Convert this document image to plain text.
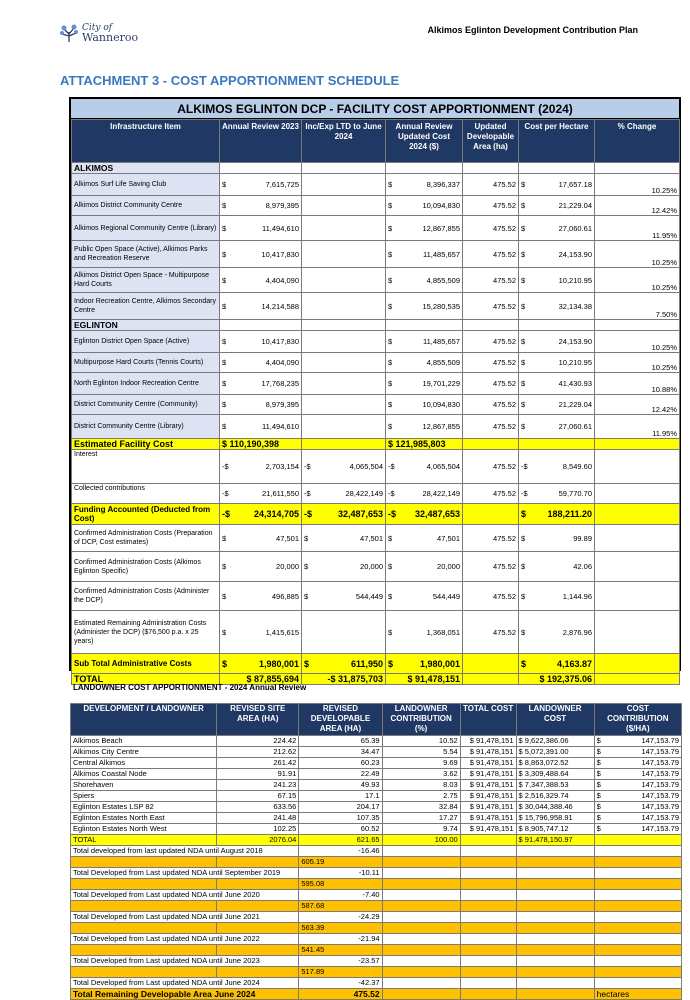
City of
Wanneroo
Alkimos Eglinton Development Contribution Plan
ATTACHMENT 3 - COST APPORTIONMENT SCHEDULE
ALKIMOS EGLINTON DCP - FACILITY COST APPORTIONMENT (2024)
Infrastructure Item	Annual Review 2023	Inc/Exp LTD to June 2024	Annual Review Updated Cost 2024 ($)	Updated Developable Area (ha)	Cost per Hectare	% Change
ALKIMOS						
Alkimos Surf Life Saving Club	$ 7,615,725		$ 8,396,337	475.52	$ 17,657.18	10.25%
Alkimos District Community Centre	$ 8,979,395		$ 10,094,830	475.52	$ 21,229.04	12.42%
Alkimos Regional Community Centre (Library)	$ 11,494,610		$ 12,867,855	475.52	$ 27,060.61	11.95%
Public Open Space (Active), Alkimos Parks and Recreation Reserve	$ 10,417,830		$ 11,485,657	475.52	$ 24,153.90	10.25%
Alkimos District Open Space - Multipurpose Hard Courts	$ 4,404,090		$ 4,855,509	475.52	$ 10,210.95	10.25%
Indoor Recreation Centre, Alkimos Secondary Centre	$ 14,214,588		$ 15,280,535	475.52	$ 32,134.38	7.50%
EGLINTON						
Eglinton District Open Space (Active)	$ 10,417,830		$ 11,485,657	475.52	$ 24,153.90	10.25%
Multipurpose Hard Courts (Tennis Courts)	$ 4,404,090		$ 4,855,509	475.52	$ 10,210.95	10.25%
North Eglinton Indoor Recreation Centre	$ 17,768,235		$ 19,701,229	475.52	$ 41,430.93	10.88%
District Community Centre (Community)	$ 8,979,395		$ 10,094,830	475.52	$ 21,229.04	12.42%
District Community Centre (Library)	$ 11,494,610		$ 12,867,855	475.52	$ 27,060.61	11.95%
Estimated Facility Cost	$ 110,190,398		$ 121,985,803			
Interest	-$ 2,703,154	-$ 4,065,504	-$ 4,065,504	475.52	-$ 8,549.60	

Collected contributions	-$ 21,611,550	-$ 28,422,149	-$ 28,422,149	475.52	-$ 59,770.70	

Funding Accounted (Deducted from Cost)	-$ 24,314,705	-$ 32,487,653	-$ 32,487,653		$ 188,211.20	

Confirmed Administration Costs (Preparation of DCP, Cost estimates)	$ 47,501	$ 47,501	$ 47,501	475.52	$ 99.89	

Confirmed Administration Costs (Alkimos Eglinton Specific)	$ 20,000	$ 20,000	$ 20,000	475.52	$ 42.06	

Confirmed Administration Costs (Administer the DCP)	$ 496,885	$ 544,449	$ 544,449	475.52	$ 1,144.96	

Estimated Remaining Administration Costs (Administer the DCP) ($76,500 p.a. x 25 years)	$ 1,415,615		$ 1,368,051	475.52	$ 2,876.96	

Sub Total Administrative Costs	$ 1,980,001	$ 611,950	$ 1,980,001		$ 4,163.87	

TOTAL	$ 87,855,694	-$ 31,875,703	$ 91,478,151		$ 192,375.06	
LANDOWNER COST APPORTIONMENT - 2024 Annual Review
DEVELOPMENT / LANDOWNER	REVISED SITE AREA (HA)	REVISED DEVELOPABLE AREA (HA)	LANDOWNER CONTRIBUTION (%)	TOTAL COST	LANDOWNER COST	COST CONTRIBUTION ($/HA)
Alkimos Beach	224.42	65.39	10.52	$ 91,478,151	$ 9,622,386.06	$ 147,153.79

Alkimos City Centre	212.62	34.47	5.54	$ 91,478,151	$ 5,072,391.00	$ 147,153.79

Central Alkimos	261.42	60.23	9.69	$ 91,478,151	$ 8,863,072.52	$ 147,153.79

Alkimos Coastal Node	91.91	22.49	3.62	$ 91,478,151	$ 3,309,488.64	$ 147,153.79

Shorehaven	241.23	49.93	8.03	$ 91,478,151	$ 7,347,388.53	$ 147,153.79

Spiers	67.15	17.1	2.75	$ 91,478,151	$ 2,516,329.74	$ 147,153.79

Eglinton Estates LSP 82	633.56	204.17	32.84	$ 91,478,151	$ 30,044,388.46	$ 147,153.79

Eglinton Estates North East	241.48	107.35	17.27	$ 91,478,151	$ 15,796,958.91	$ 147,153.79

Eglinton Estates North West	102.25	60.52	9.74	$ 91,478,151	$ 8,905,747.12	$ 147,153.79

TOTAL	2076.04	621.65	100.00		$ 91,478,150.97	
Total developed from last updated NDA until August 2018		-16.46				
		605.19				
Total Developed from Last updated NDA until September 2019		-10.11				
		595.08				
Total Developed from Last updated NDA until June 2020		-7.40				
		587.68				
Total Developed from Last updated NDA until June 2021		-24.29				
		563.39				
Total Developed from Last updated NDA until June 2022		-21.94				
		541.45				
Total Developed from Last updated NDA until June 2023		-23.57				
		517.89				
Total Developed from Last updated NDA until June 2024		-42.37				
Total Remaining Developable Area June 2024		475.52				hectares
